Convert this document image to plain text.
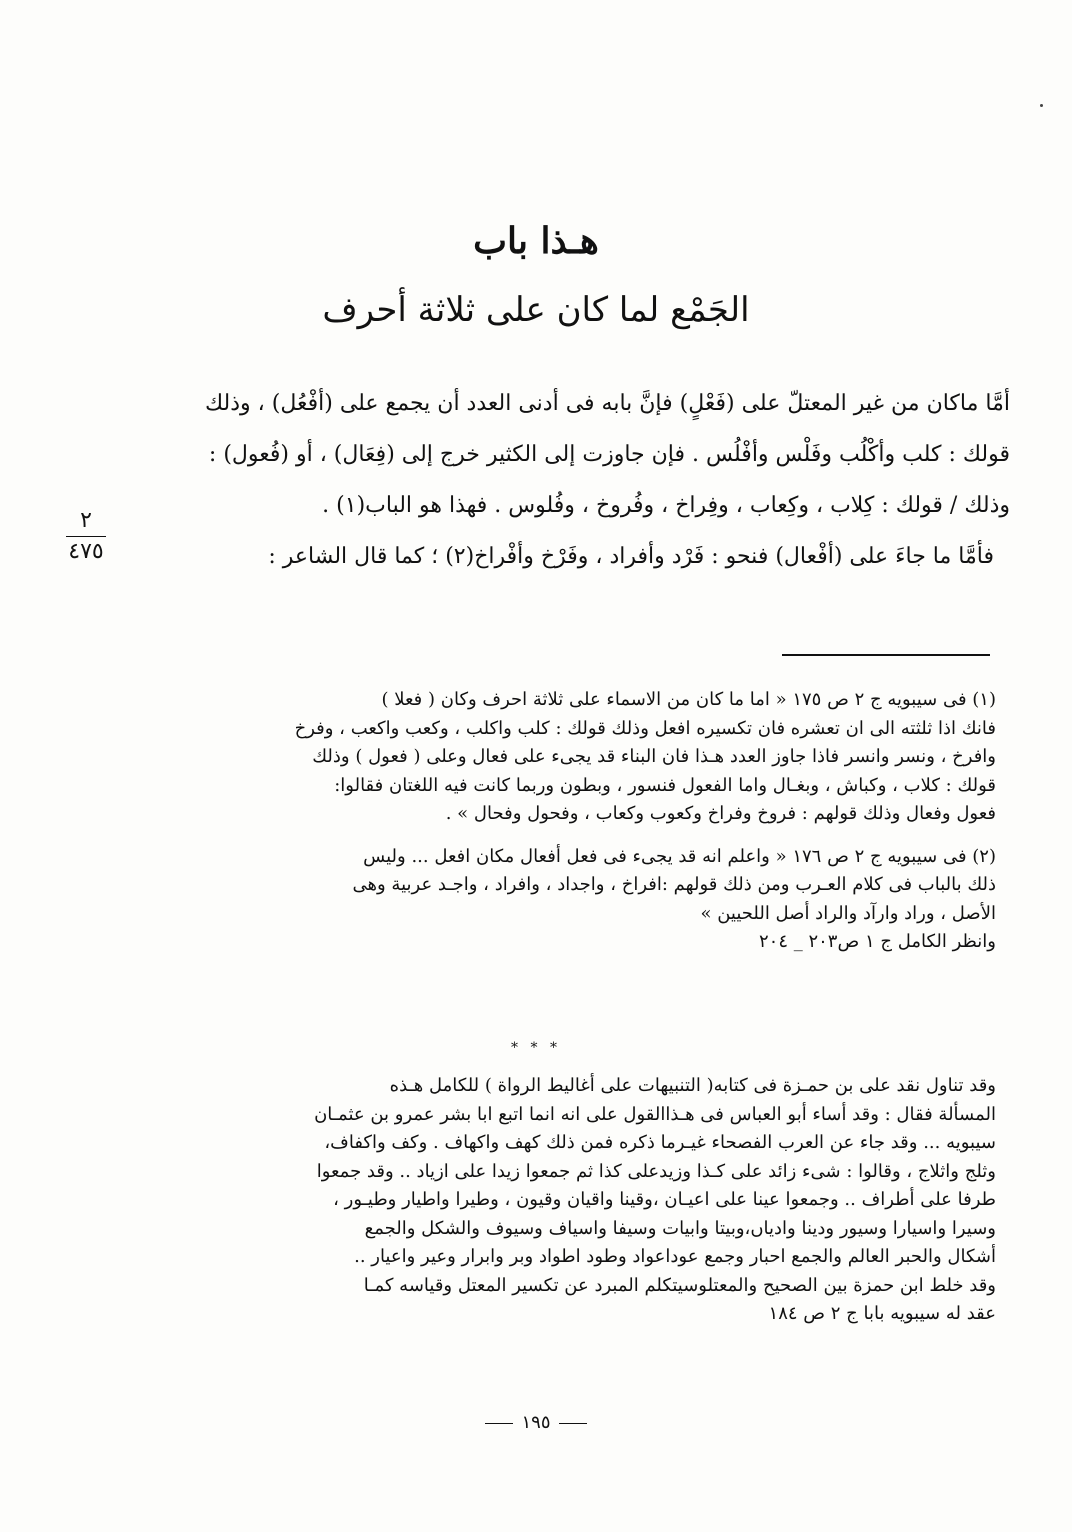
هـذا باب
الجَمْع لما كان على ثلاثة أحرف

أمَّا ماكان من غير المعتلّ على (فَعْلٍ) فإنَّ بابه فى أدنى العدد أن يجمع على (أفْعُل) ، وذلك

قولك : كلب وأكْلُب وفَلْس وأفْلُس . فإن جاوزت إلى الكثير خرج إلى (فِعَال) ، أو (فُعول) :

وذلك / قولك : كِلاب ، وكِعاب ، وفِراخ ، وفُروخ ، وفُلوس . فهذا هو الباب(١) .

فأمَّا ما جاءَ على (أفْعال) فنحو : فَرْد وأفراد ، وفَرْخ وأفْراخ(٢) ؛ كما قال الشاعر :

٢
٤٧٥

(١) فى سيبويه ج ٢ ص ١٧٥ « اما ما كان من الاسماء على ثلاثة احرف وكان ( فعلا )

فانك اذا ثلثته الى ان تعشره فان تكسيره افعل وذلك قولك : كلب واكلب ، وكعب واكعب ، وفرخ

وافرخ ، ونسر وانسر فاذا جاوز العدد هـذا فان البناء قد يجىء على فعال وعلى ( فعول ) وذلك

قولك : كلاب ، وكباش ، وبغـال واما الفعول فنسور ، وبطون وربما كانت فيه اللغتان فقالوا:

فعول وفعال وذلك قولهم : فروخ وفراخ وكعوب وكعاب ، وفحول وفحال » .

(٢) فى سيبويه ج ٢ ص ١٧٦ « واعلم انه قد يجىء فى فعل أفعال مكان افعل ... وليس

ذلك بالباب فى كلام العـرب ومن ذلك قولهم :افراخ ، واجداد ، وافراد ، واجـد عربية وهى

الأصل ، وراد وارآد والراد أصل اللحيين »

وانظر الكامل ج ١ ص٢٠٣ _ ٢٠٤

* * *

وقد تناول نقد على بن حمـزة فى كتابه( التنبيهات على أغاليط الرواة ) للكامل هـذه

المسألة فقال : وقد أساء أبو العباس فى هـذاالقول على انه انما اتبع ابا بشر عمرو بن عثمـان

سيبويه ... وقد جاء عن العرب الفصحاء غيـرما ذكره فمن ذلك كهف واكهاف . وكف واكفاف،

وثلج واثلاج ، وقالوا : شىء زائد على كـذا وزيدعلى كذا ثم جمعوا زيدا على ازياد .. وقد جمعوا

طرفا على أطراف .. وجمعوا عينا على اعيـان ،وقينا واقيان وقيون ، وطيرا واطيار وطيـور ،

وسيرا واسيارا وسيور ودينا وادياں،وبيتا وابيات وسيفا واسياف وسيوف والشكل والجمع

أشكال والحبر العالم والجمع احبار وجمع عوداعواد وطود اطواد وبر وابرار وعير واعيار ..

وقد خلط ابن حمزة بين الصحيح والمعتلوسيتكلم المبرد عن تكسير المعتل وقياسه كمـا

عقد له سيبويه بابا ج ٢ ص ١٨٤

١٩٥
